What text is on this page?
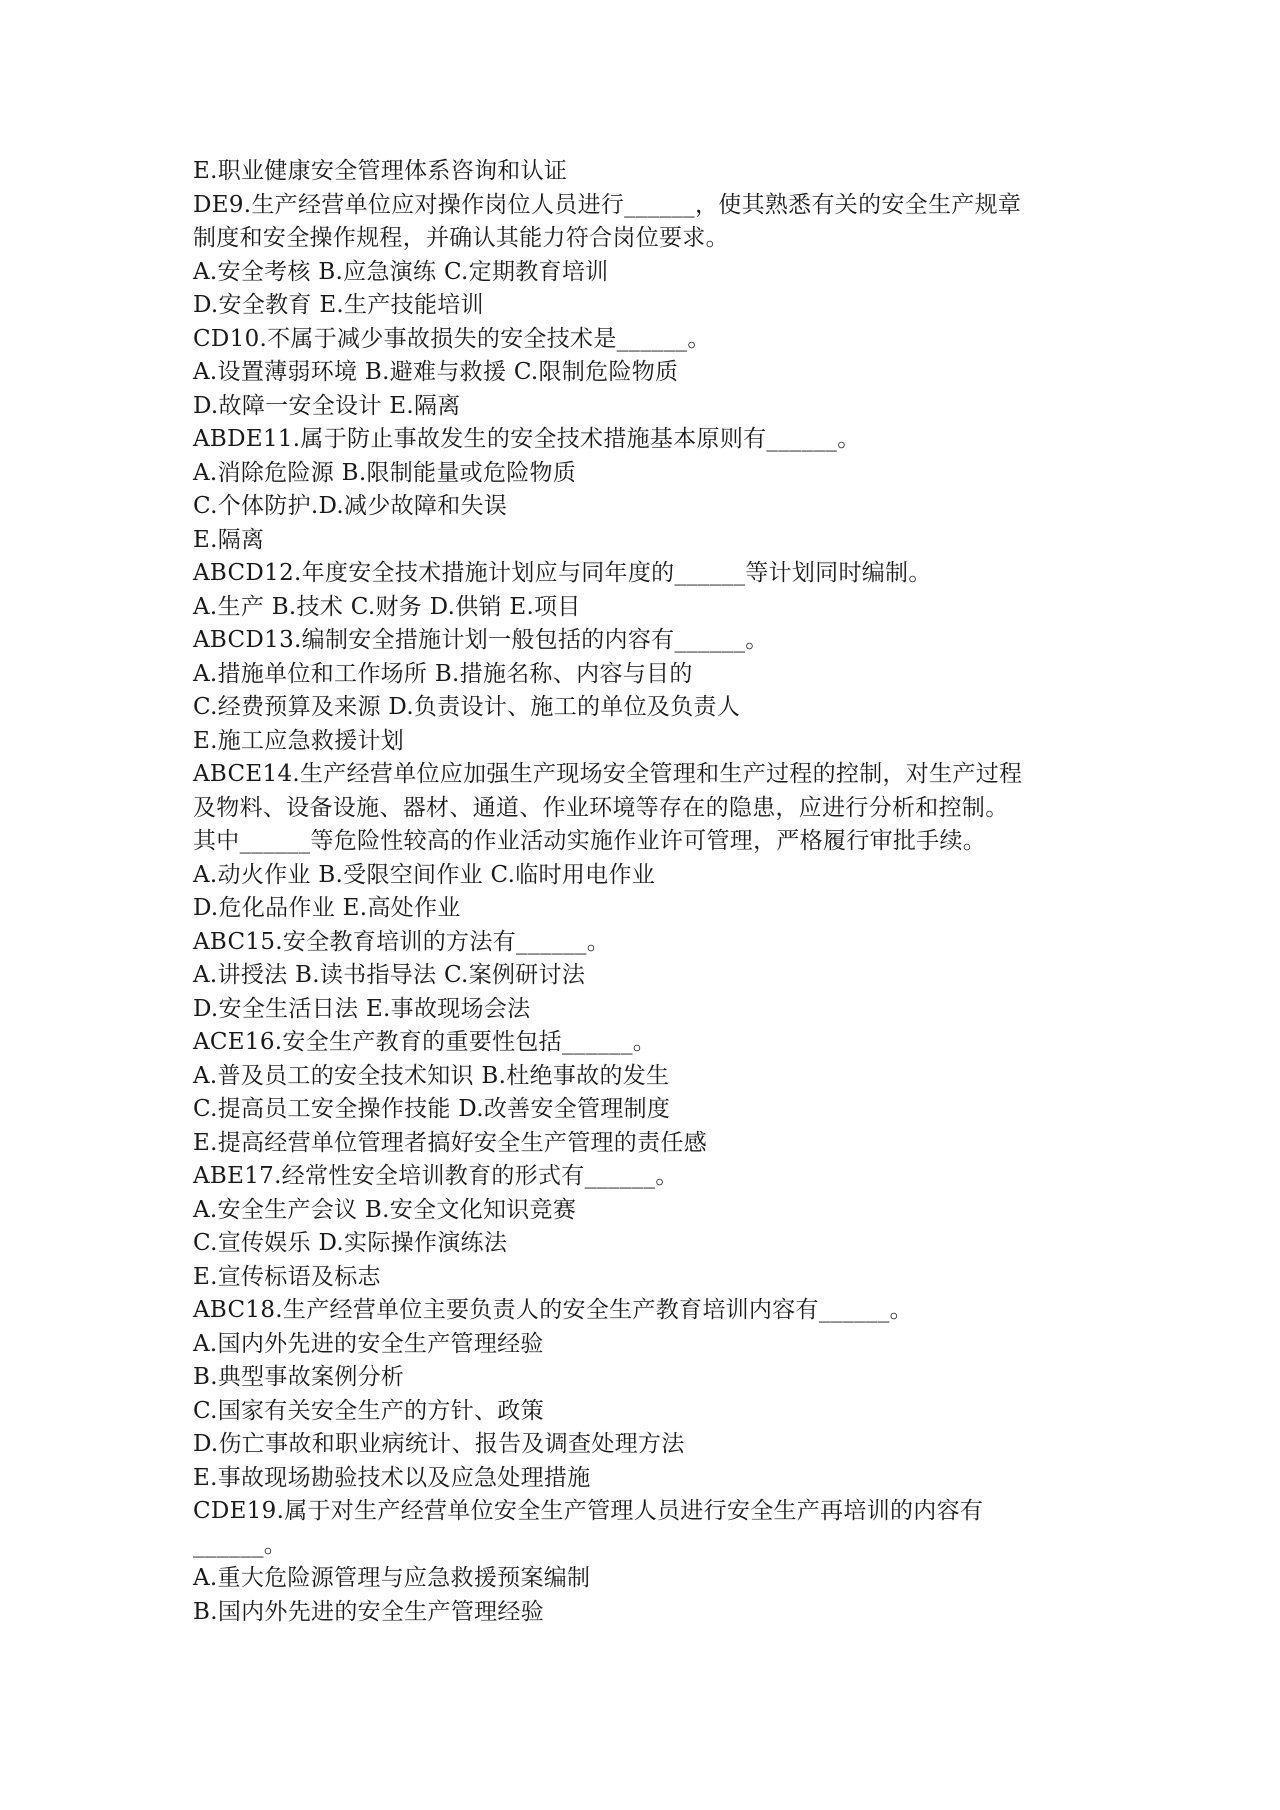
E.职业健康安全管理体系咨询和认证
DE9.生产经营单位应对操作岗位人员进行______，使其熟悉有关的安全生产规章
制度和安全操作规程，并确认其能力符合岗位要求。
A.安全考核 B.应急演练 C.定期教育培训
D.安全教育 E.生产技能培训
CD10.不属于减少事故损失的安全技术是______。
A.设置薄弱环境 B.避难与救援 C.限制危险物质
D.故障一安全设计 E.隔离
ABDE11.属于防止事故发生的安全技术措施基本原则有______。
A.消除危险源 B.限制能量或危险物质
C.个体防护.D.减少故障和失误
E.隔离
ABCD12.年度安全技术措施计划应与同年度的______等计划同时编制。
A.生产 B.技术 C.财务 D.供销 E.项目
ABCD13.编制安全措施计划一般包括的内容有______。
A.措施单位和工作场所 B.措施名称、内容与目的
C.经费预算及来源 D.负责设计、施工的单位及负责人
E.施工应急救援计划
ABCE14.生产经营单位应加强生产现场安全管理和生产过程的控制，对生产过程
及物料、设备设施、器材、通道、作业环境等存在的隐患，应进行分析和控制。
其中______等危险性较高的作业活动实施作业许可管理，严格履行审批手续。
A.动火作业 B.受限空间作业 C.临时用电作业
D.危化品作业 E.高处作业
ABC15.安全教育培训的方法有______。
A.讲授法 B.读书指导法 C.案例研讨法
D.安全生活日法 E.事故现场会法
ACE16.安全生产教育的重要性包括______。
A.普及员工的安全技术知识 B.杜绝事故的发生
C.提高员工安全操作技能 D.改善安全管理制度
E.提高经营单位管理者搞好安全生产管理的责任感
ABE17.经常性安全培训教育的形式有______。
A.安全生产会议 B.安全文化知识竞赛
C.宣传娱乐 D.实际操作演练法
E.宣传标语及标志
ABC18.生产经营单位主要负责人的安全生产教育培训内容有______。
A.国内外先进的安全生产管理经验
B.典型事故案例分析
C.国家有关安全生产的方针、政策
D.伤亡事故和职业病统计、报告及调查处理方法
E.事故现场勘验技术以及应急处理措施
CDE19.属于对生产经营单位安全生产管理人员进行安全生产再培训的内容有
______。
A.重大危险源管理与应急救援预案编制
B.国内外先进的安全生产管理经验
